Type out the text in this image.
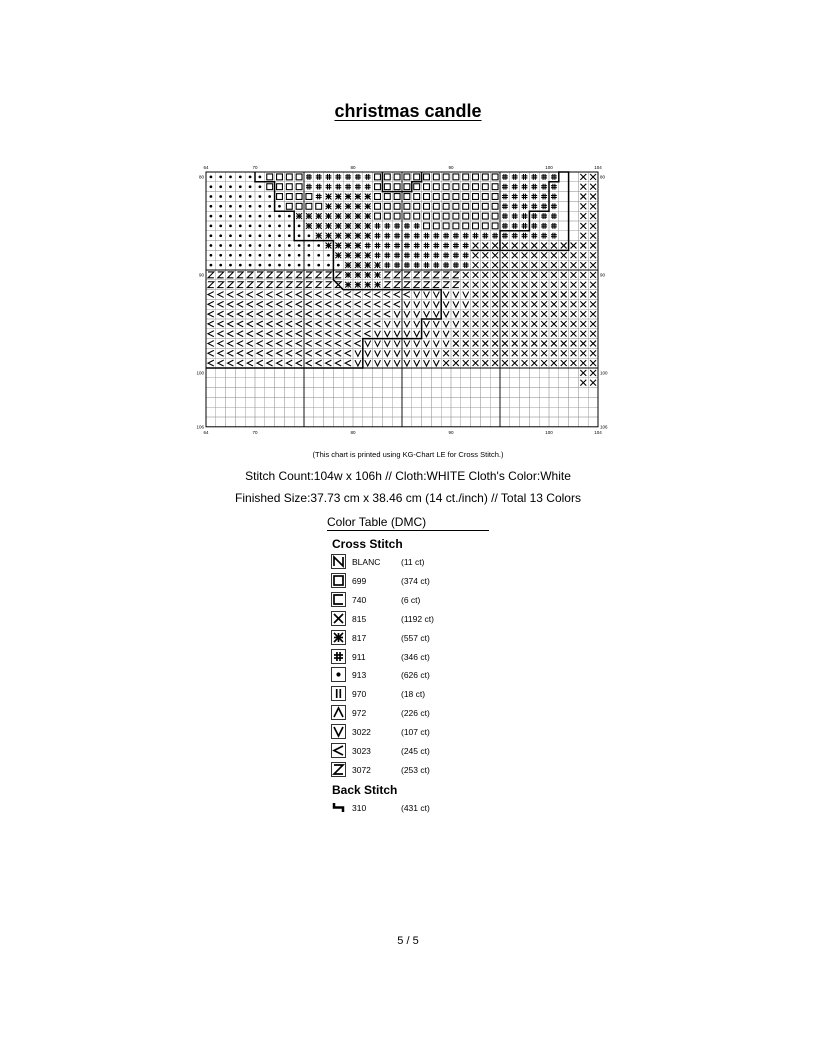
christmas candle
64
64
70
70
80
80
90
90
100
100
104
104
80	80
90	90
100	100
106	106
(This chart is printed using KG-Chart LE for Cross Stitch.)
Stitch Count:104w x 106h // Cloth:WHITE Cloth's Color:White
Finished Size:37.73 cm x 38.46 cm (14 ct./inch) // Total 13 Colors
Color Table (DMC)
Cross Stitch
BLANC (11 ct)
699	(374 ct)
740	(6 ct)
815	(1192 ct)
817	(557 ct)
911	(346 ct)
913	(626 ct)
970	(18 ct)
972	(226 ct)
3022	(107 ct)
3023	(245 ct)
3072	(253 ct)
Back Stitch
310	(431 ct)
5 / 5
